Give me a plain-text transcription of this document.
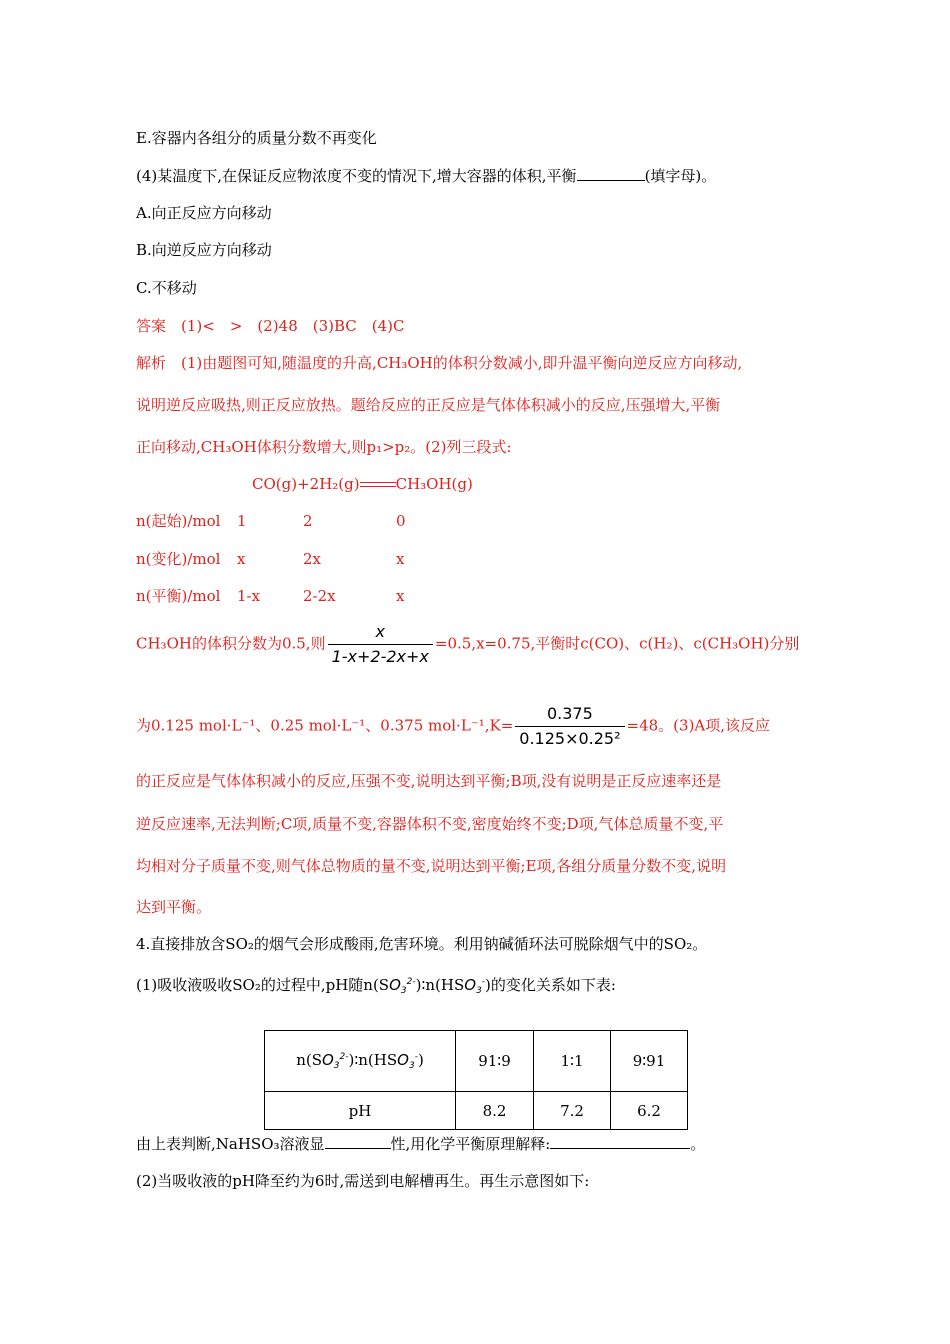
E.容器内各组分的质量分数不再变化
(4)某温度下,在保证反应物浓度不变的情况下,增大容器的体积,平衡	(填字母)。
A.向正反应方向移动
B.向逆反应方向移动
C.不移动
答案　 (1)<　>　(2)48　(3)BC　(4)C
解析　 (1)由题图可知,随温度的升高,CH₃OH的体积分数减小,即升温平衡向逆反应方向移动,
说明逆反应吸热,则正反应放热。题给反应的正反应是气体体积减小的反应,压强增大,平衡
正向移动,CH₃OH体积分数增大,则p₁>p₂。(2)列三段式:
CO(g)+2H₂(g) CH₃OH(g)
n(起始)/mol 1	2	0
n(变化)/mol x	2x	x
n(平衡)/mol 1-x	2-2x	x
CH₃OH的体积分数为0.5,则 $\frac{x}{1-x+2-2x+x} =0.5,x=0.75$,平衡时c(CO)、c(H₂)、c(CH₃OH)分别
为0.125 mol·L⁻¹、0.25 mol·L⁻¹、0.375 $mol\cdot L^{-1},K= \frac{0.375}{\text{0.125×0.25²}} =48$。(3)A项,该反应
的正反应是气体体积减小的反应,压强不变,说明达到平衡;B项,没有说明是正反应速率还是
逆反应速率,无法判断;C项,质量不变,容器体积不变,密度始终不变;D项,气体总质量不变,平
均相对分子质量不变,则气体总物质的量不变,说明达到平衡;E项,各组分质量分数不变,说明
达到平衡。
4.直接排放含SO₂的烟气会形成酸雨,危害环境。利用钠碱循环法可脱除烟气中的SO₂。
(1)吸收液吸收SO₂的过程中,pH随$n(SO_3^{2-})∶n(HSO_3^-)$的变化关系如下表:
$n(SO_3^{2-})∶n(HSO_3^-)$	91∶9	1∶1	9∶91
pH	8.2	7.2	6.2
由上表判断,NaHSO₃溶液显	性,用化学平衡原理解释:	。
(2)当吸收液的pH降至约为6时,需送到电解槽再生。再生示意图如下:
